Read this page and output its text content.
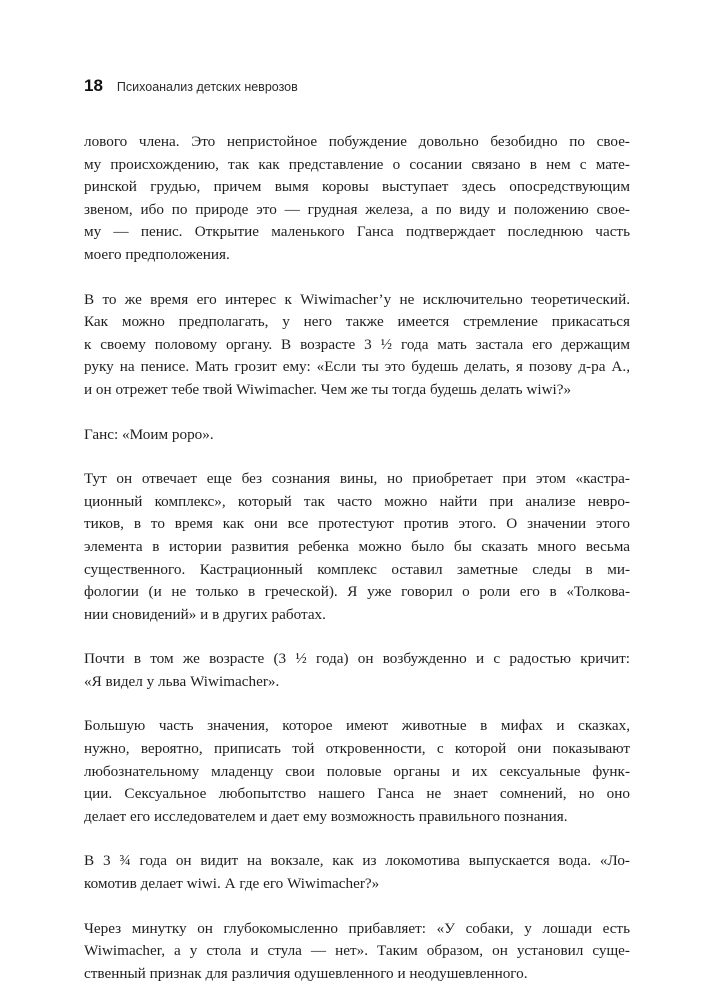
18 Психоанализ детских неврозов
лового члена. Это непристойное побуждение довольно безобидно по свое-
му происхождению, так как представление о сосании связано в нем с мате-
ринской грудью, причем вымя коровы выступает здесь опосредствующим
звеном, ибо по природе это — грудная железа, а по виду и положению свое-
му — пенис. Открытие маленького Ганса подтверждает последнюю часть
моего предположения.
В то же время его интерес к Wiwimacher’у не исключительно теоретический.
Как можно предполагать, у него также имеется стремление прикасаться
к своему половому органу. В возрасте 3 ½ года мать застала его держащим
руку на пенисе. Мать грозит ему: «Если ты это будешь делать, я позову д-ра А.,
и он отрежет тебе твой Wiwimacher. Чем же ты тогда будешь делать wiwi?»
Ганс: «Моим роро».
Тут он отвечает еще без сознания вины, но приобретает при этом «кастра-
ционный комплекс», который так часто можно найти при анализе невро-
тиков, в то время как они все протестуют против этого. О значении этого
элемента в истории развития ребенка можно было бы сказать много весьма
существенного. Кастрационный комплекс оставил заметные следы в ми-
фологии (и не только в греческой). Я уже говорил о роли его в «Толкова-
нии сновидений» и в других работах.
Почти в том же возрасте (3 ½ года) он возбужденно и с радостью кричит:
«Я видел у льва Wiwimacher».
Большую часть значения, которое имеют животные в мифах и сказках,
нужно, вероятно, приписать той откровенности, с которой они показывают
любознательному младенцу свои половые органы и их сексуальные функ-
ции. Сексуальное любопытство нашего Ганса не знает сомнений, но оно
делает его исследователем и дает ему возможность правильного познания.
В 3 ¾ года он видит на вокзале, как из локомотива выпускается вода. «Ло-
комотив делает wiwi. А где его Wiwimacher?»
Через минутку он глубокомысленно прибавляет: «У собаки, у лошади есть
Wiwimacher, а у стола и стула — нет». Таким образом, он установил суще-
ственный признак для различия одушевленного и неодушевленного.
